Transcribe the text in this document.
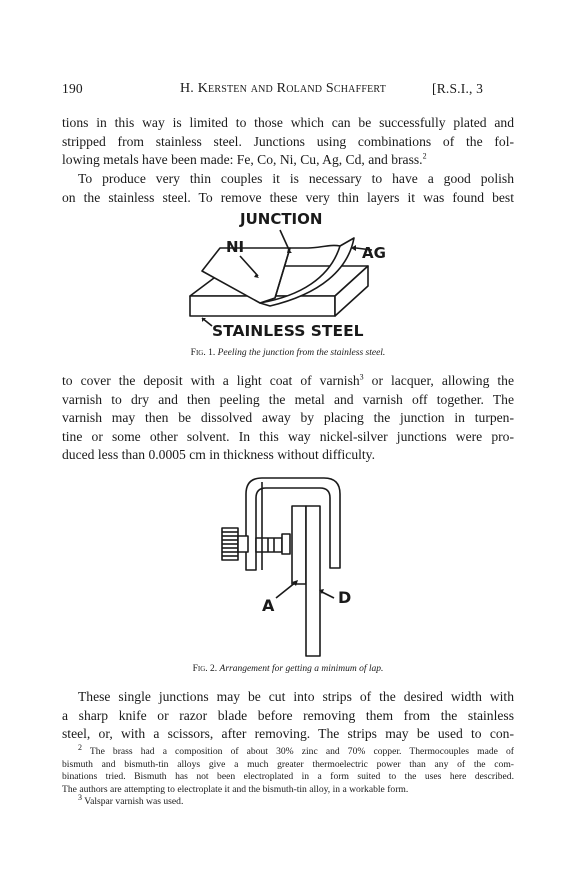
190	H. Kersten and Roland Schaffert	[R.S.I., 3
tions in this way is limited to those which can be successfully plated and
stripped from stainless steel. Junctions using combinations of the fol-
lowing metals have been made: Fe, Co, Ni, Cu, Ag, Cd, and brass.$^2$
To produce very thin couples it is necessary to have a good polish
on the stainless steel. To remove these very thin layers it was found best
JUNCTION
NI	AG
STAINLESS STEEL
Fig. 1. Peeling the junction from the stainless steel.
to cover the deposit with a light coat of varnish$^3$ or lacquer, allowing the
varnish to dry and then peeling the metal and varnish off together. The
varnish may then be dissolved away by placing the junction in turpen-
tine or some other solvent. In this way nickel-silver junctions were pro-
duced less than 0.0005 cm in thickness without difficulty.
A	D
Fig. 2. Arrangement for getting a minimum of lap.
These single junctions may be cut into strips of the desired width with
a sharp knife or razor blade before removing them from the stainless
steel, or, with a scissors, after removing. The strips may be used to con-
$^2$ The brass had a composition of about 30% zinc and 70% copper. Thermocouples made of
bismuth and bismuth-tin alloys give a much greater thermoelectric power than any of the com-
binations tried. Bismuth has not been electroplated in a form suited to the uses here described.
The authors are attempting to electroplate it and the bismuth-tin alloy, in a workable form.
$^3$ Valspar varnish was used.
